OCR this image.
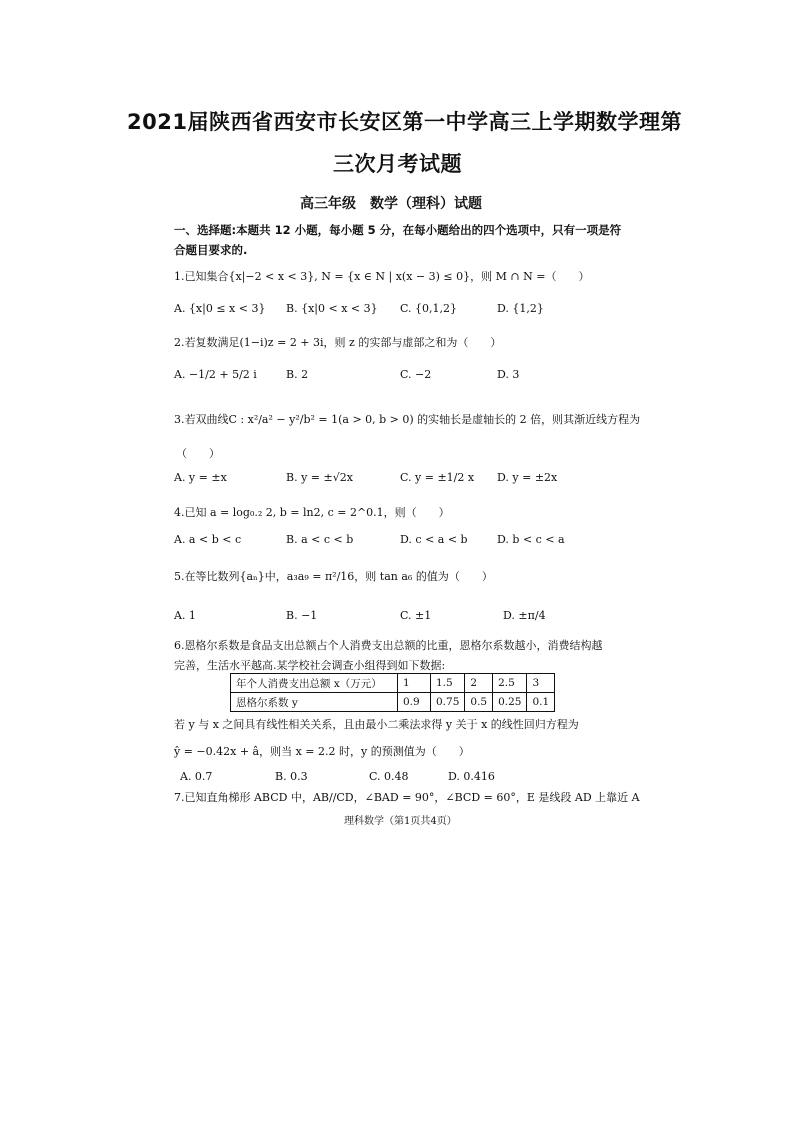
2021届陕西省西安市长安区第一中学高三上学期数学理第
三次月考试题
高三年级　数学（理科）试题
一、选择题:本题共 12 小题，每小题 5 分，在每小题给出的四个选项中，只有一项是符
合题目要求的.
1.已知集合{x|−2 < x < 3}, N = {x ∈ N | x(x − 3) ≤ 0}，则 M ∩ N =（　　）
A. {x|0 ≤ x < 3} B. {x|0 < x < 3} C. {0,1,2}	D. {1,2}
2.若复数满足(1−i)z = 2 + 3i，则 z 的实部与虚部之和为（　　）
A. −1/2 + 5/2 i	B. 2	C. −2	D. 3
3.若双曲线C : x²/a² − y²/b² = 1(a > 0, b > 0) 的实轴长是虚轴长的 2 倍，则其渐近线方程为
（　　）
A. y = ±x	B. y = ±√2x	C. y = ±1/2 x D. y = ±2x
4.已知 a = log₀.₂ 2, b = ln2, c = 2^0.1，则（　　）
A. a < b < c	B. a < c < b	D. c < a < b	D. b < c < a
5.在等比数列{aₙ}中，a₃a₉ = π²/16，则 tan a₆ 的值为（　　）
A. 1	B. −1	C. ±1	D. ±π/4
6.恩格尔系数是食品支出总额占个人消费支出总额的比重，恩格尔系数越小，消费结构越
完善，生活水平越高.某学校社会调查小组得到如下数据:
年个人消费支出总额 x（万元）	1	1.5	2	2.5	3
恩格尔系数 y	0.9	0.75	0.5	0.25	0.1
若 y 与 x 之间具有线性相关关系，且由最小二乘法求得 y 关于 x 的线性回归方程为
ŷ = −0.42x + â，则当 x = 2.2 时，y 的预测值为（　　）
A. 0.7	B. 0.3	C. 0.48	D. 0.416
7.已知直角梯形 ABCD 中，AB//CD，∠BAD = 90°，∠BCD = 60°，E 是线段 AD 上靠近 A
理科数学（第1页共4页）
